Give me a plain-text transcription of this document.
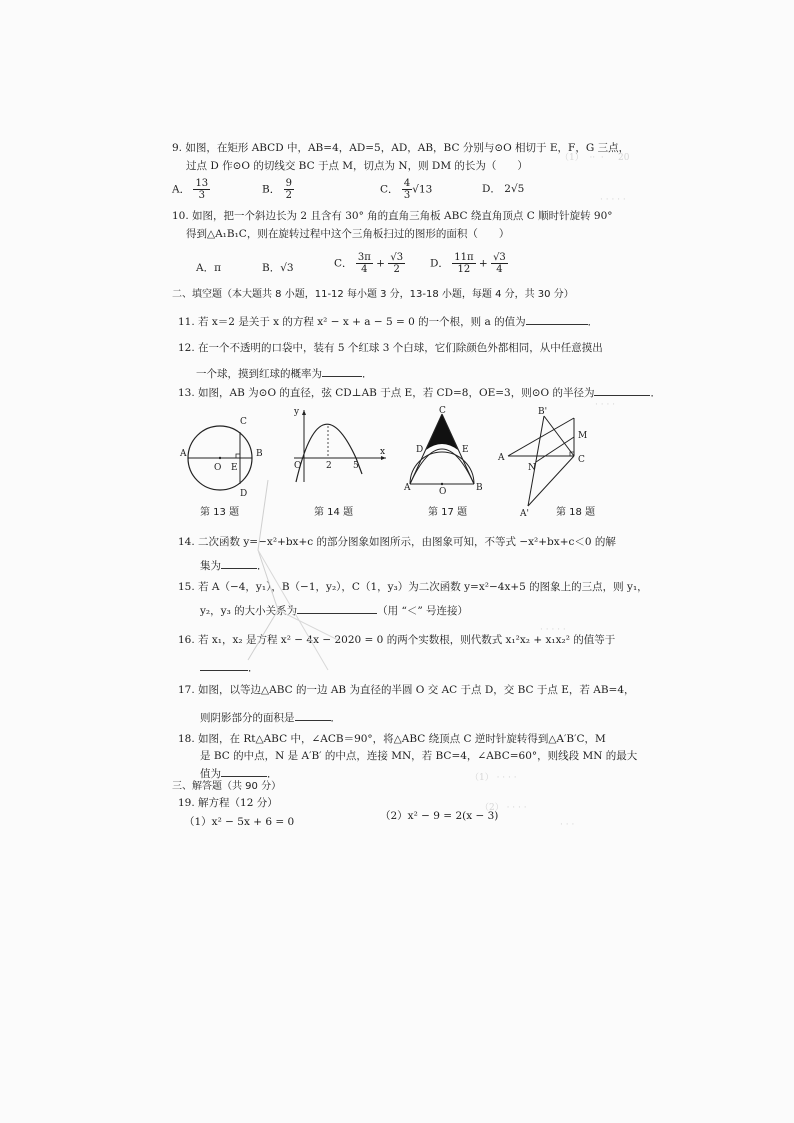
（1）  ··  ·     20
· · · · ·
· · · ·
· · · · ·
9. 如图，在矩形 ABCD 中，AB=4，AD=5，AD，AB，BC 分别与⊙O 相切于 E，F，G 三点，
过点 D 作⊙O 的切线交 BC 于点 M，切点为 N，则 DM 的长为（　　）
A． $\frac{13}{3}$	B． $\frac{9}{2}$	C． $\frac{4}{3} √13$	D． 2√5
10. 如图，把一个斜边长为 2 且含有 30° 角的直角三角板 ABC 绕直角顶点 C 顺时针旋转 90°
得到△A₁B₁C，则在旋转过程中这个三角板扫过的图形的面积（　　）
A．π	B．√3	C． $\frac{3\pi}{4} + \frac{√3}{2}$ D． $\frac{11\pi}{12} + \frac{√3}{4}$
二、填空题（本大题共 8 小题，11-12 每小题 3 分，13-18 小题，每题 4 分，共 30 分）
11. 若 x＝2 是关于 x 的方程 x² − x + a − 5 = 0 的一个根，则 a 的值为	．
12. 在一个不透明的口袋中，装有 5 个红球 3 个白球，它们除颜色外都相同，从中任意摸出
一个球，摸到红球的概率为	．
13. 如图，AB 为⊙O 的直径，弦 CD⊥AB 于点 E，若 CD=8，OE=3，则⊙O 的半径为	．
A
O E
B
C
D
y
x
O	2 5
C
D	E
A	O	B
A
B'
M
C
N
A'
第 13 题	第 14 题	第 17 题	第 18 题
14. 二次函数 y=−x²+bx+c 的部分图象如图所示，由图象可知，不等式 −x²+bx+c＜0 的解
集为	．
15. 若 A（−4，y₁），B（−1，y₂），C（1，y₃）为二次函数 y=x²−4x+5 的图象上的三点，则 y₁，
y₂，y₃ 的大小关系为	（用 “＜” 号连接）
16. 若 x₁，x₂ 是方程 x² − 4x − 2020 = 0 的两个实数根，则代数式 x₁²x₂ + x₁x₂² 的值等于
．
17. 如图，以等边△ABC 的一边 AB 为直径的半圆 O 交 AC 于点 D，交 BC 于点 E，若 AB=4，
则阴影部分的面积是	．
18. 如图，在 Rt△ABC 中，∠ACB＝90°，将△ABC 绕顶点 C 逆时针旋转得到△A′B′C，M
是 BC 的中点，N 是 A′B′ 的中点，连接 MN，若 BC=4，∠ABC=60°，则线段 MN 的最大
值为	．
三、解答题（共 90 分）
19. 解方程（12 分）
（1）x² − 5x + 6 = 0	（2）x² − 9 = 2(x − 3)
（1） · · · ·
（2） · · · ·
· · ·
